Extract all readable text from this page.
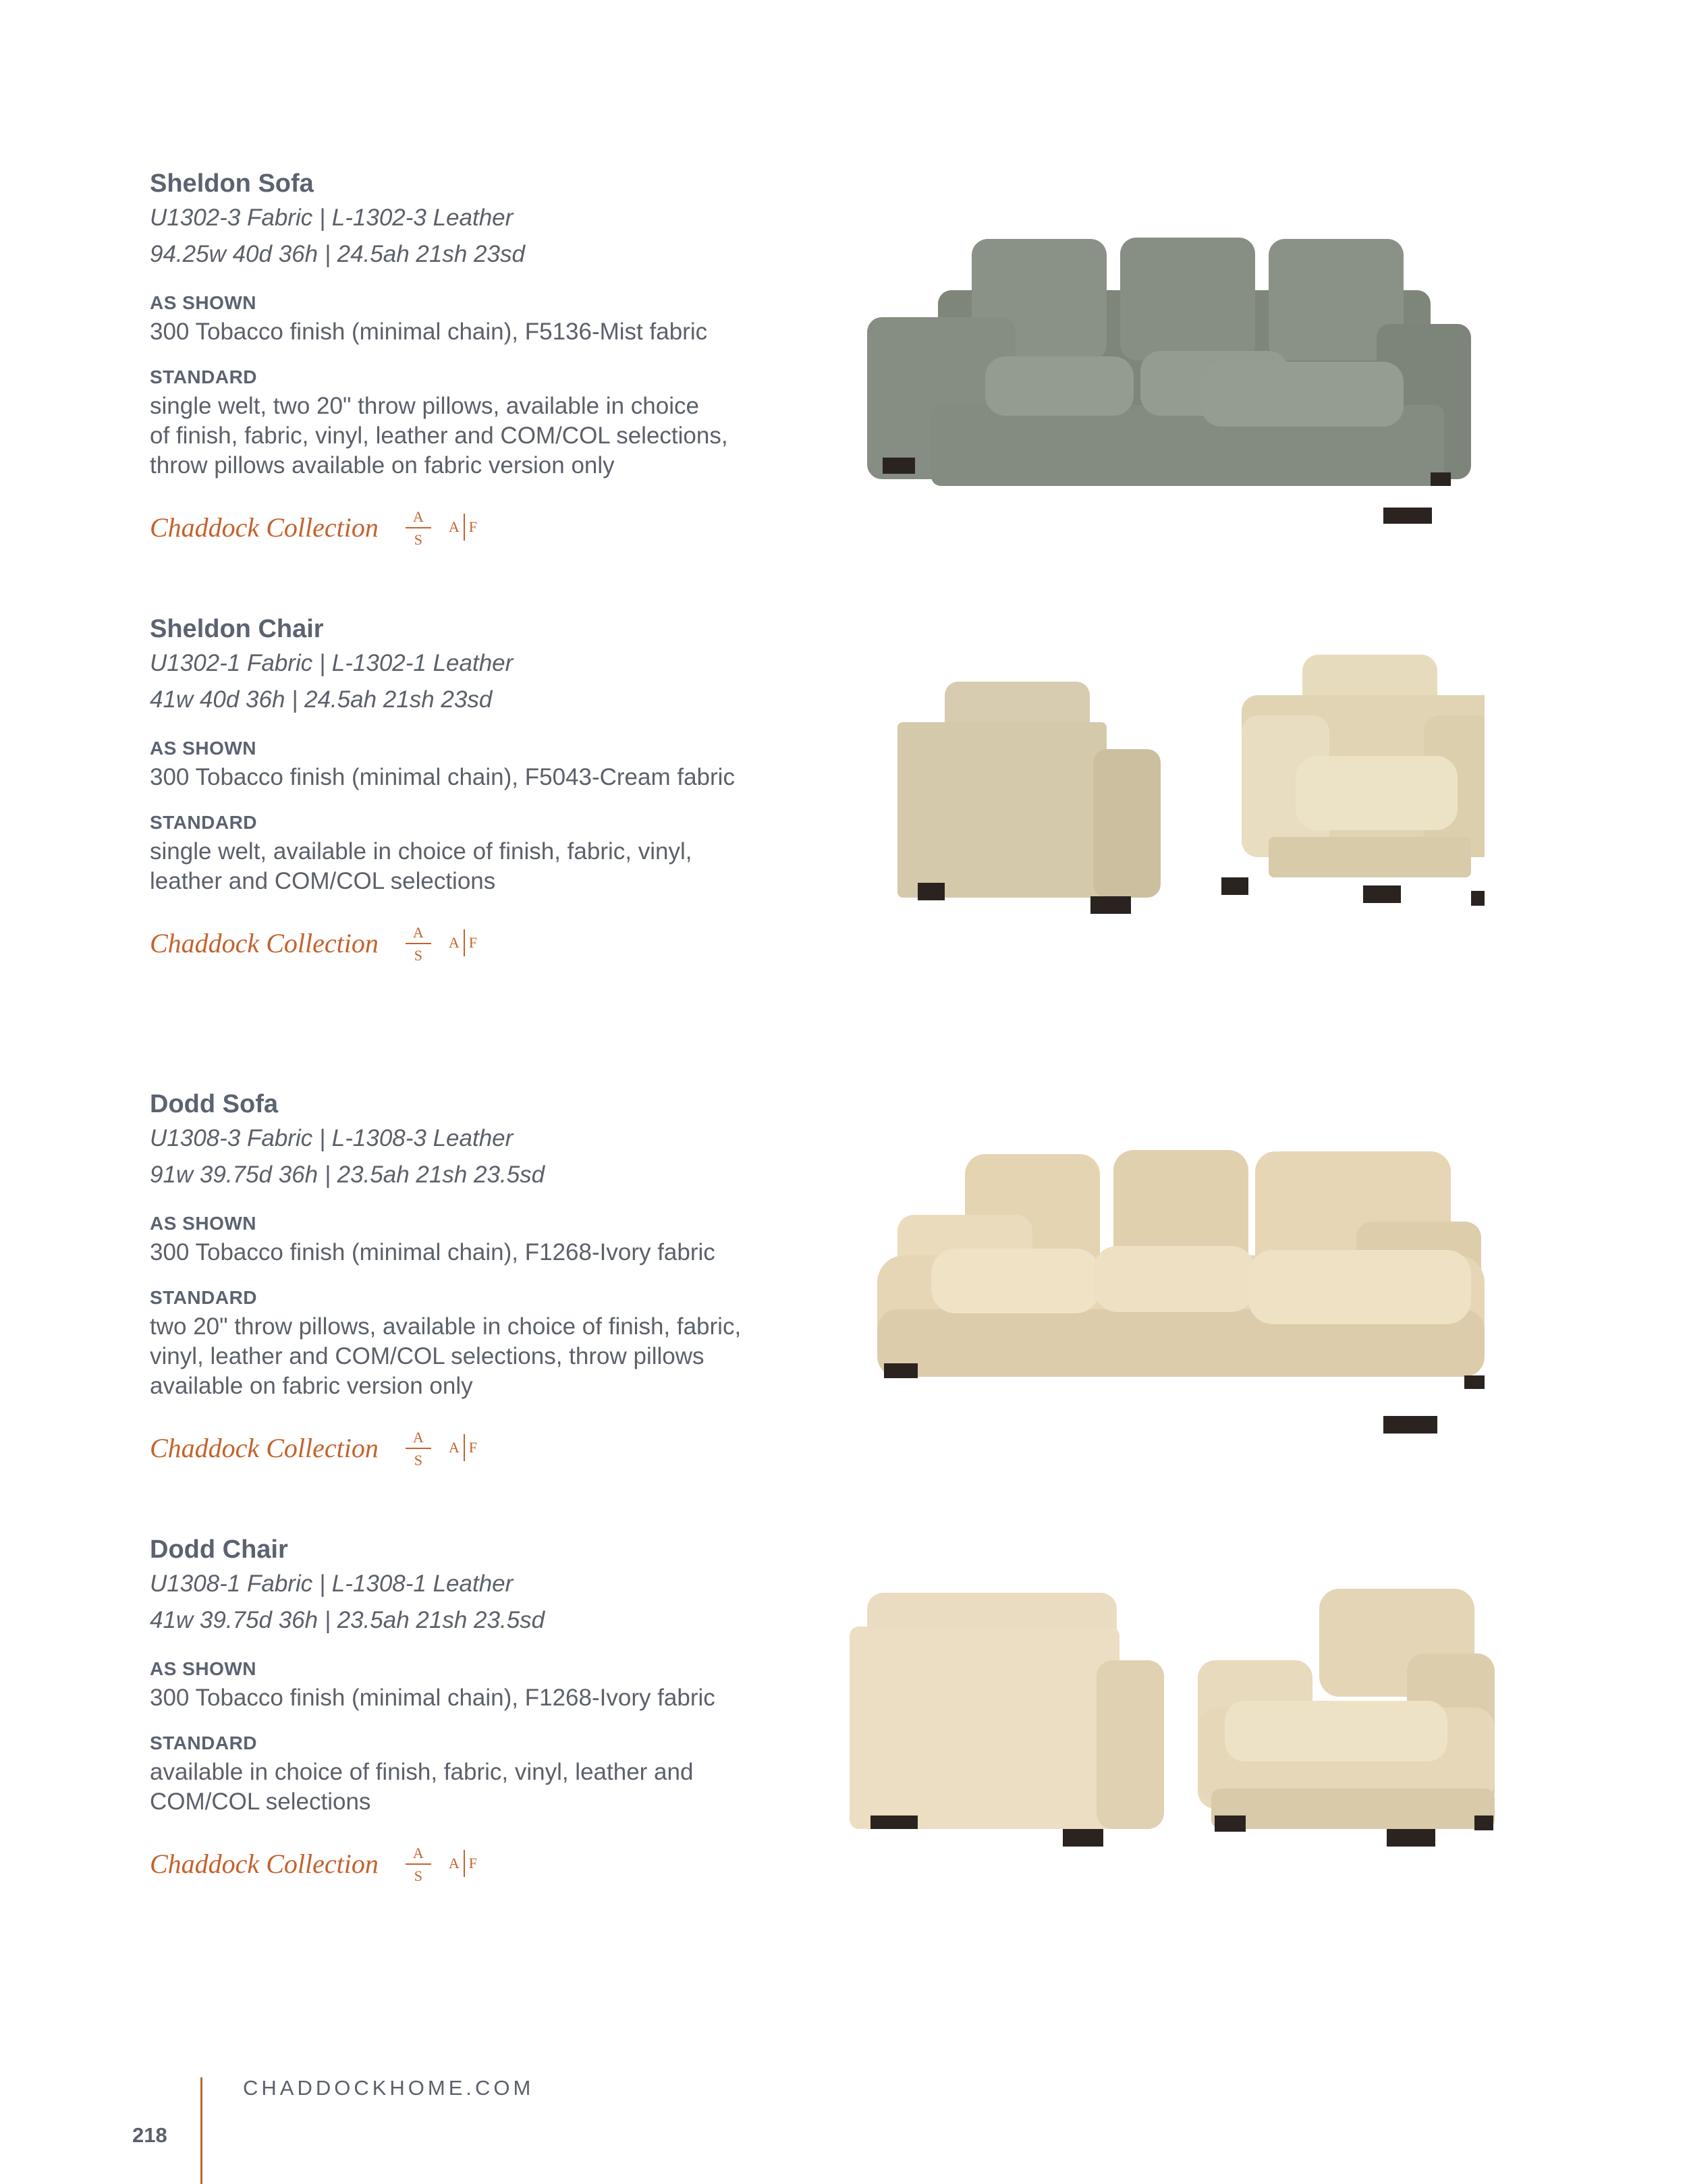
Sheldon Sofa

U1302-3 Fabric | L-1302-3 Leather

94.25w 40d 36h | 24.5ah 21sh 23sd

AS SHOWN
300 Tobacco finish (minimal chain), F5136-Mist fabric
STANDARD
single welt, two 20" throw pillows, available in choice
of finish, fabric, vinyl, leather and COM/COL selections,
throw pillows available on fabric version only
Chaddock Collection	A
S
A F
Sheldon Chair

U1302-1 Fabric | L-1302-1 Leather

41w 40d 36h | 24.5ah 21sh 23sd

AS SHOWN
300 Tobacco finish (minimal chain), F5043-Cream fabric
STANDARD
single welt, available in choice of finish, fabric, vinyl,
leather and COM/COL selections
Chaddock Collection	A
S
A F
Dodd Sofa

U1308-3 Fabric | L-1308-3 Leather

91w 39.75d 36h | 23.5ah 21sh 23.5sd

AS SHOWN
300 Tobacco finish (minimal chain), F1268-Ivory fabric
STANDARD
two 20" throw pillows, available in choice of finish, fabric,
vinyl, leather and COM/COL selections, throw pillows
available on fabric version only
Chaddock Collection	A
S
A F
Dodd Chair

U1308-1 Fabric | L-1308-1 Leather

41w 39.75d 36h | 23.5ah 21sh 23.5sd

AS SHOWN
300 Tobacco finish (minimal chain), F1268-Ivory fabric
STANDARD
available in choice of finish, fabric, vinyl, leather and
COM/COL selections
Chaddock Collection	A
S
A F
CHADDOCKHOME.COM
218
